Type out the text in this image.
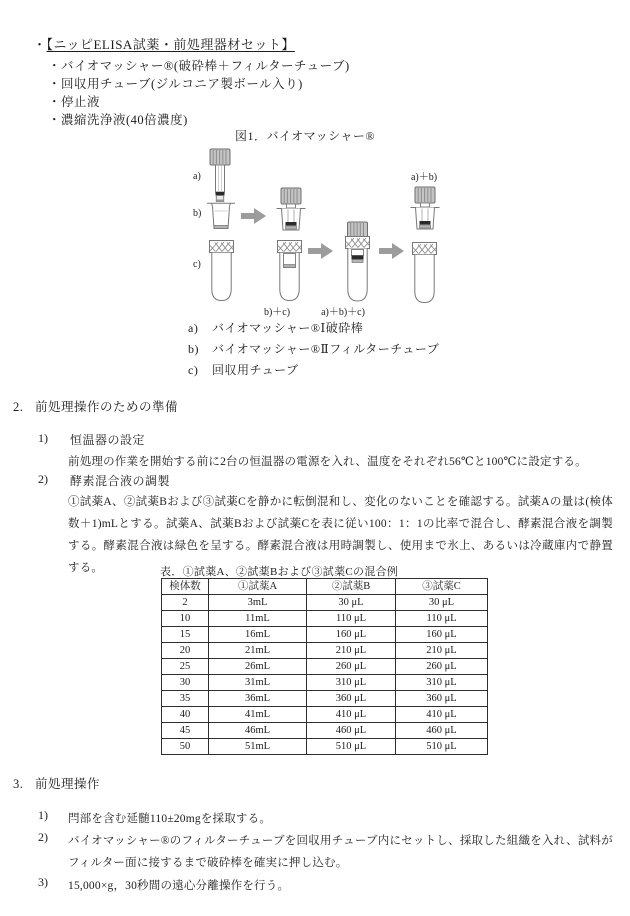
・【ニッピELISA試薬・前処理器材セット】
・バイオマッシャー®(破砕棒＋フィルターチューブ)
・回収用チューブ(ジルコニア製ボール入り)
・停止液
・濃縮洗浄液(40倍濃度)
図1．バイオマッシャー®
a)
b)
c)
b)＋c)	a)＋b)＋c)
a)＋b)
a) バイオマッシャー®Ⅰ破砕棒
b) バイオマッシャー®Ⅱフィルターチューブ
c) 回収用チューブ
2. 前処理操作のための準備
1) 恒温器の設定
前処理の作業を開始する前に2台の恒温器の電源を入れ、温度をそれぞれ56℃と100℃に設定する。
2) 酵素混合液の調製
①試薬A、②試薬Bおよび③試薬Cを静かに転倒混和し、変化のないことを確認する。試薬Aの量は(検体数＋1)mLとする。試薬A、試薬Bおよび試薬Cを表に従い100：1：1の比率で混合し、酵素混合液を調製する。酵素混合液は緑色を呈する。酵素混合液は用時調製し、使用まで氷上、あるいは冷蔵庫内で静置する。	表．①試薬A、②試薬Bおよび③試薬Cの混合例
検体数	①試薬A	②試薬B	③試薬C
2	3mL	30 μL	30 μL
10	11mL	110 μL	110 μL
15	16mL	160 μL	160 μL
20	21mL	210 μL	210 μL
25	26mL	260 μL	260 μL
30	31mL	310 μL	310 μL
35	36mL	360 μL	360 μL
40	41mL	410 μL	410 μL
45	46mL	460 μL	460 μL
50	51mL	510 μL	510 μL
3. 前処理操作
1) 閂部を含む延髄110±20mgを採取する。
2) バイオマッシャー®のフィルターチューブを回収用チューブ内にセットし、採取した組織を入れ、試料がフィルター面に接するまで破砕棒を確実に押し込む。
3) 15,000×g，30秒間の遠心分離操作を行う。
